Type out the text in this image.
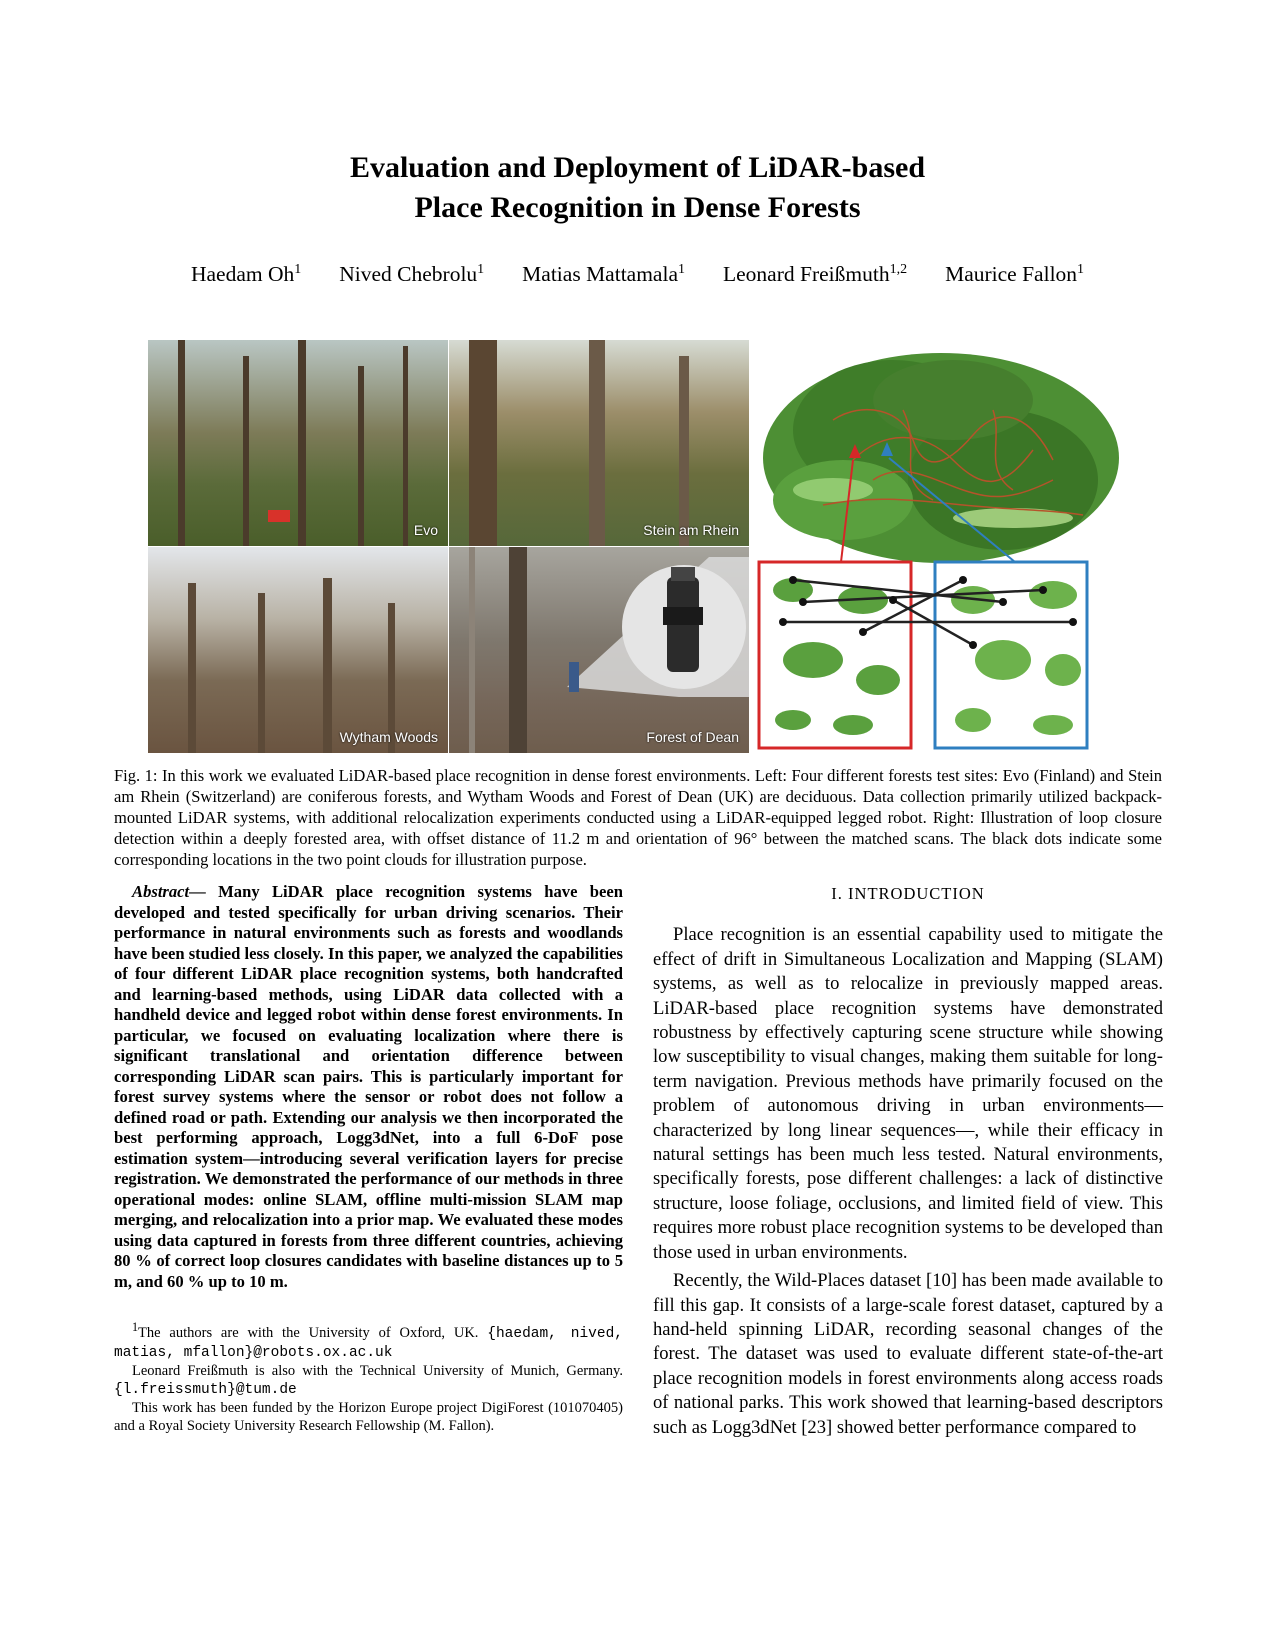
Evaluation and Deployment of LiDAR-based
Place Recognition in Dense Forests
Haedam Oh$^1$ Nived Chebrolu$^1$ Matias Mattamala$^1$ Leonard Freißmuth$^{1,2}$ Maurice Fallon$^1$
Evo	Stein am Rhein
Wytham Woods	Forest of Dean
Fig. 1: In this work we evaluated LiDAR-based place recognition in dense forest environments. Left: Four different forests test sites: Evo (Finland) and Stein am Rhein (Switzerland) are coniferous forests, and Wytham Woods and Forest of Dean (UK) are deciduous. Data collection primarily utilized backpack-mounted LiDAR systems, with additional relocalization experiments conducted using a LiDAR-equipped legged robot. Right: Illustration of loop closure detection within a deeply forested area, with offset distance of 11.2 m and orientation of 96° between the matched scans. The black dots indicate some corresponding locations in the two point clouds for illustration purpose.
Abstract— Many LiDAR place recognition systems have been developed and tested specifically for urban driving scenarios. Their performance in natural environments such as forests and woodlands have been studied less closely. In this paper, we analyzed the capabilities of four different LiDAR place recognition systems, both handcrafted and learning-based methods, using LiDAR data collected with a handheld device and legged robot within dense forest environments. In particular, we focused on evaluating localization where there is significant translational and orientation difference between corresponding LiDAR scan pairs. This is particularly important for forest survey systems where the sensor or robot does not follow a defined road or path. Extending our analysis we then incorporated the best performing approach, Logg3dNet, into a full 6-DoF pose estimation system—introducing several verification layers for precise registration. We demonstrated the performance of our methods in three operational modes: online SLAM, offline multi-mission SLAM map merging, and relocalization into a prior map. We evaluated these modes using data captured in forests from three different countries, achieving 80 % of correct loop closures candidates with baseline distances up to 5 m, and 60 % up to 10 m.

$^1$The authors are with the University of Oxford, UK. {haedam, nived, matias, mfallon}@robots.ox.ac.uk

Leonard Freißmuth is also with the Technical University of Munich, Germany. {l.freissmuth}@tum.de

This work has been funded by the Horizon Europe project DigiForest (101070405) and a Royal Society University Research Fellowship (M. Fallon).

I. INTRODUCTION

Place recognition is an essential capability used to mitigate the effect of drift in Simultaneous Localization and Mapping (SLAM) systems, as well as to relocalize in previously mapped areas. LiDAR-based place recognition systems have demonstrated robustness by effectively capturing scene structure while showing low susceptibility to visual changes, making them suitable for long-term navigation. Previous methods have primarily focused on the problem of autonomous driving in urban environments—characterized by long linear sequences—, while their efficacy in natural settings has been much less tested. Natural environments, specifically forests, pose different challenges: a lack of distinctive structure, loose foliage, occlusions, and limited field of view. This requires more robust place recognition systems to be developed than those used in urban environments.

Recently, the Wild-Places dataset [10] has been made available to fill this gap. It consists of a large-scale forest dataset, captured by a hand-held spinning LiDAR, recording seasonal changes of the forest. The dataset was used to evaluate different state-of-the-art place recognition models in forest environments along access roads of national parks. This work showed that learning-based descriptors such as Logg3dNet [23] showed better performance compared to
